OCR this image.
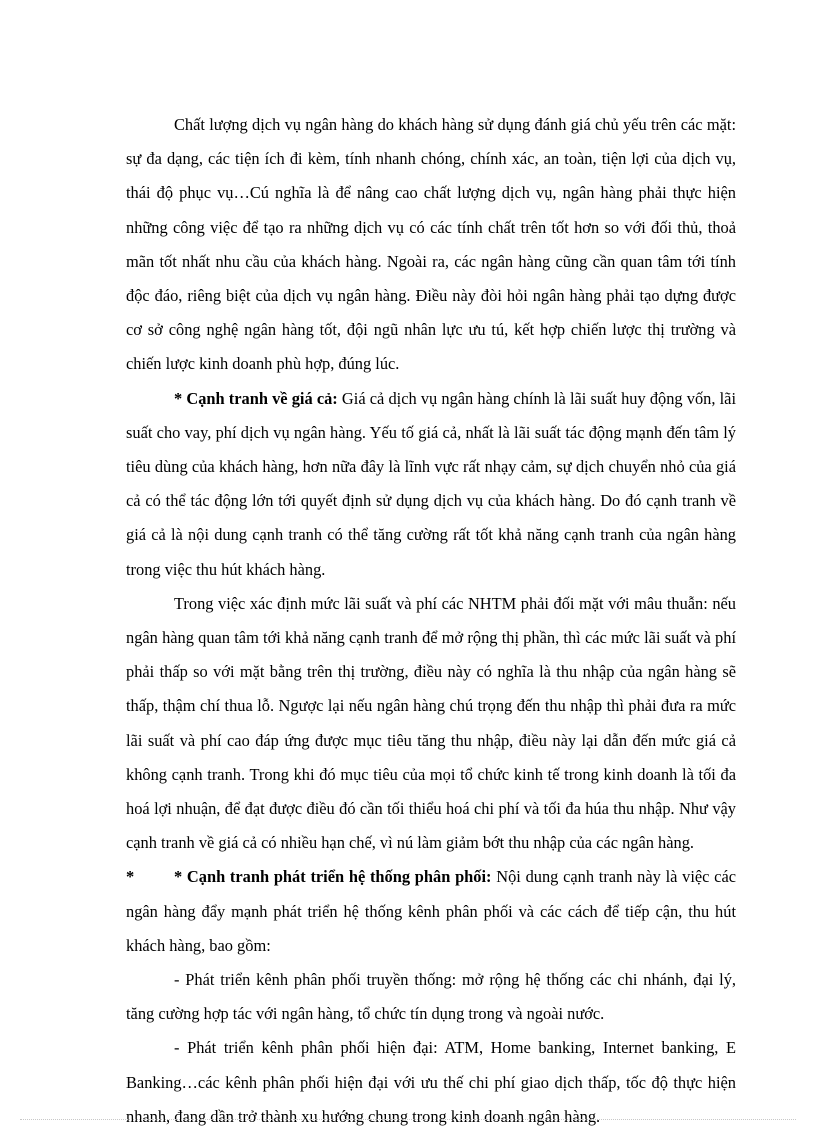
Chất lượng dịch vụ ngân hàng do khách hàng sử dụng đánh giá chủ yếu trên các mặt: sự đa dạng, các tiện ích đi kèm, tính nhanh chóng, chính xác, an toàn, tiện lợi của dịch vụ, thái độ phục vụ…Cú nghĩa là để nâng cao chất lượng dịch vụ, ngân hàng phải thực hiện những công việc để tạo ra những dịch vụ có các tính chất trên tốt hơn so với đối thủ, thoả mãn tốt nhất nhu cầu của khách hàng. Ngoài ra, các ngân hàng cũng cần quan tâm tới tính độc đáo, riêng biệt của dịch vụ ngân hàng. Điều này đòi hỏi ngân hàng phải tạo dựng được cơ sở công nghệ ngân hàng tốt, đội ngũ nhân lực ưu tú, kết hợp chiến lược thị trường và chiến lược kinh doanh phù hợp, đúng lúc.

* Cạnh tranh về giá cả: Giá cả dịch vụ ngân hàng chính là lãi suất huy động vốn, lãi suất cho vay, phí dịch vụ ngân hàng. Yếu tố giá cả, nhất là lãi suất tác động mạnh đến tâm lý tiêu dùng của khách hàng, hơn nữa đây là lĩnh vực rất nhạy cảm, sự dịch chuyển nhỏ của giá cả có thể tác động lớn tới quyết định sử dụng dịch vụ của khách hàng. Do đó cạnh tranh về giá cả là nội dung cạnh tranh có thể tăng cường rất tốt khả năng cạnh tranh của ngân hàng trong việc thu hút khách hàng.

Trong việc xác định mức lãi suất và phí các NHTM phải đối mặt với mâu thuẫn: nếu ngân hàng quan tâm tới khả năng cạnh tranh để mở rộng thị phần, thì các mức lãi suất và phí phải thấp so với mặt bằng trên thị trường, điều này có nghĩa là thu nhập của ngân hàng sẽ thấp, thậm chí thua lỗ. Ngược lại nếu ngân hàng chú trọng đến thu nhập thì phải đưa ra mức lãi suất và phí cao đáp ứng được mục tiêu tăng thu nhập, điều này lại dẫn đến mức giá cả không cạnh tranh. Trong khi đó mục tiêu của mọi tổ chức kinh tế trong kinh doanh là tối đa hoá lợi nhuận, để đạt được điều đó cần tối thiểu hoá chi phí và tối đa húa thu nhập. Như vậy cạnh tranh về giá cả có nhiều hạn chế, vì nú làm giảm bớt thu nhập của các ngân hàng.

* * Cạnh tranh phát triển hệ thống phân phối: Nội dung cạnh tranh này là việc các ngân hàng đẩy mạnh phát triển hệ thống kênh phân phối và các cách để tiếp cận, thu hút khách hàng, bao gồm:

- Phát triển kênh phân phối truyền thống: mở rộng hệ thống các chi nhánh, đại lý, tăng cường hợp tác với ngân hàng, tổ chức tín dụng trong và ngoài nước.

- Phát triển kênh phân phối hiện đại: ATM, Home banking, Internet banking, E Banking…các kênh phân phối hiện đại với ưu thế chi phí giao dịch thấp, tốc độ thực hiện nhanh, đang dần trở thành xu hướng chung trong kinh doanh ngân hàng.
